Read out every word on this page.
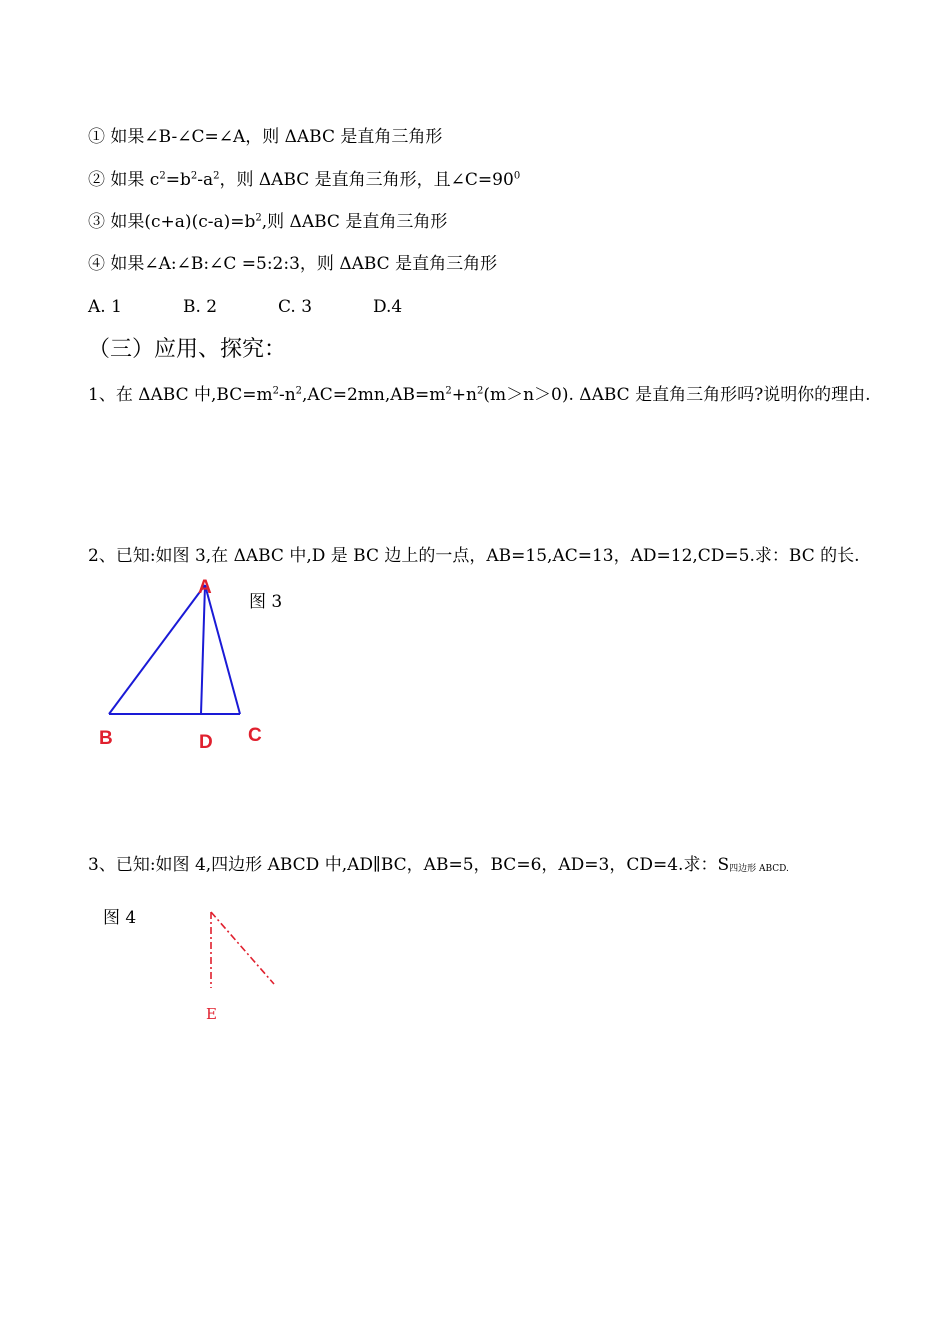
① 如果∠B-∠C=∠A，则 ΔABC 是直角三角形
② 如果 $c^2=b^2-a^2$，则 ΔABC 是直角三角形，且$\angle C=90^0$
③ 如果$(c+a)(c-a)=b^2$,则 ΔABC 是直角三角形
④ 如果∠A:∠B:∠C =5:2:3，则 ΔABC 是直角三角形
A. 1	B. 2	C. 3	D.4
（三）应用、探究：
1、在 ΔABC 中$,BC=m^2-n^2,AC=2mn,AB=m^2+n^2(m>n>0)$. ΔABC 是直角三角形吗?说明你的理由.
2、已知:如图 3,在 ΔABC 中,D 是 BC 边上的一点，AB=15,AC=13，AD=12,CD=5.求：BC 的长.
图 3
3、已知:如图 4,四边形 ABCD 中,AD∥BC，AB=5，BC=6，AD=3，CD=4.求：$S_{四边形 ABCD.}$
图 4
A
B	D C
E
